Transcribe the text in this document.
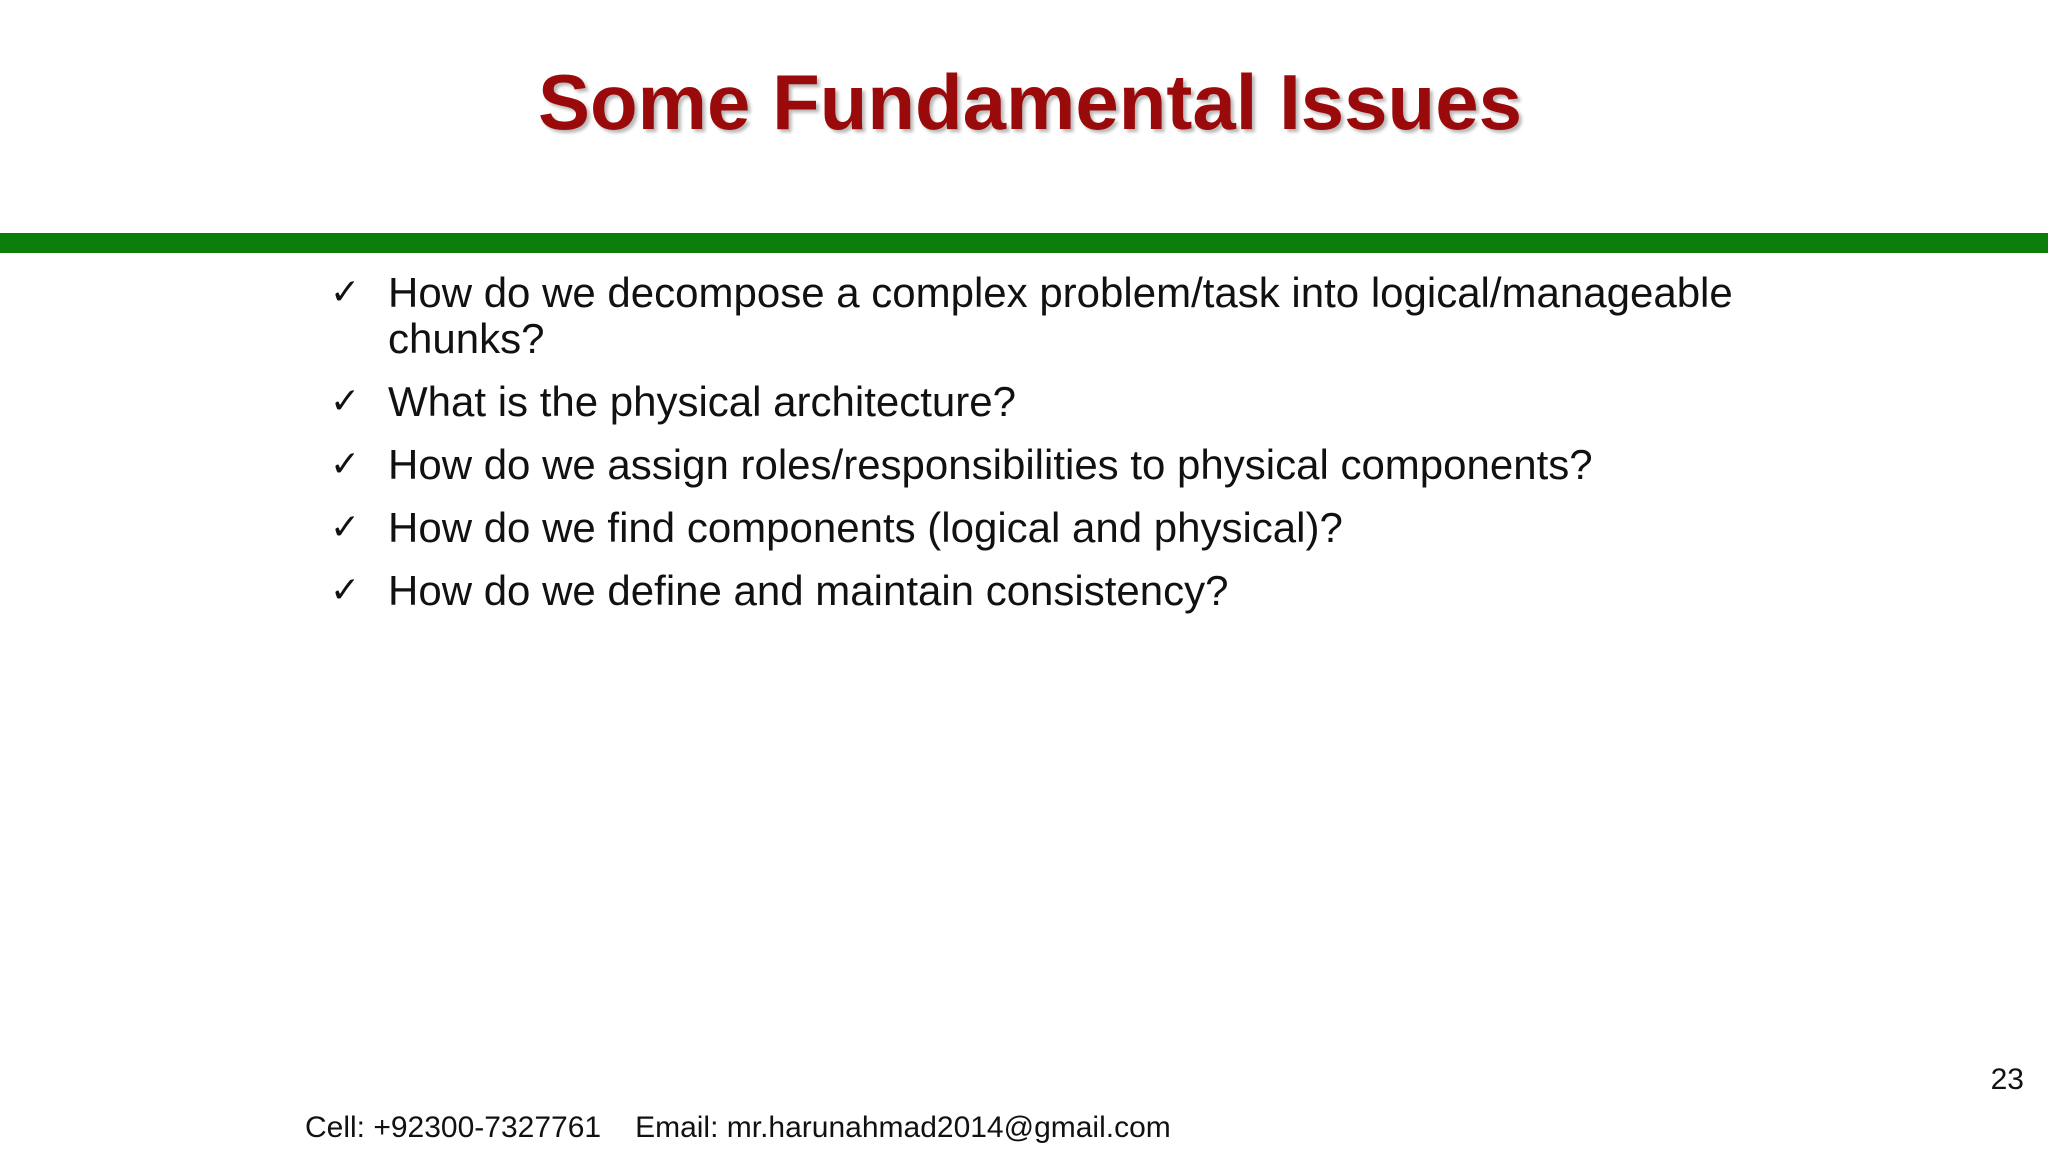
Some Fundamental Issues
✓ How do we decompose a complex problem/task into logical/manageable chunks?
✓ What is the physical architecture?
✓ How do we assign roles/responsibilities to physical components?
✓ How do we find components (logical and physical)?
✓ How do we define and maintain consistency?
23
Cell: +92300-7327761 Email: mr.harunahmad2014@gmail.com
